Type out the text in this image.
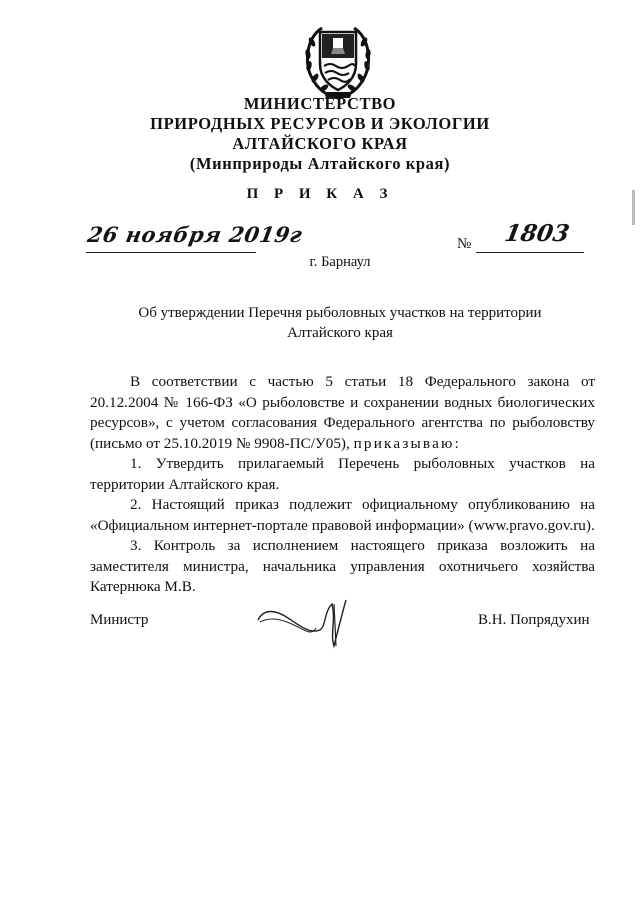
МИНИСТЕРСТВО
ПРИРОДНЫХ РЕСУРСОВ И ЭКОЛОГИИ
АЛТАЙСКОГО КРАЯ
(Минприроды Алтайского края)
П Р И К А З
26 ноября 2019г	№ 1803
г. Барнаул
Об утверждении Перечня рыболовных участков на территории
Алтайского края

В соответствии с частью 5 статьи 18 Федерального закона от 20.12.2004 № 166-ФЗ «О рыболовстве и сохранении водных биологических ресурсов», с учетом согласования Федерального агентства по рыболовству (письмо от 25.10.2019 № 9908-ПС/У05), приказываю:

1. Утвердить прилагаемый Перечень рыболовных участков на территории Алтайского края.

2. Настоящий приказ подлежит официальному опубликованию на «Официальном интернет-портале правовой информации» (www.pravo.gov.ru).

3. Контроль за исполнением настоящего приказа возложить на заместителя министра, начальника управления охотничьего хозяйства Катернюка М.В.

Министр	В.Н. Попрядухин
